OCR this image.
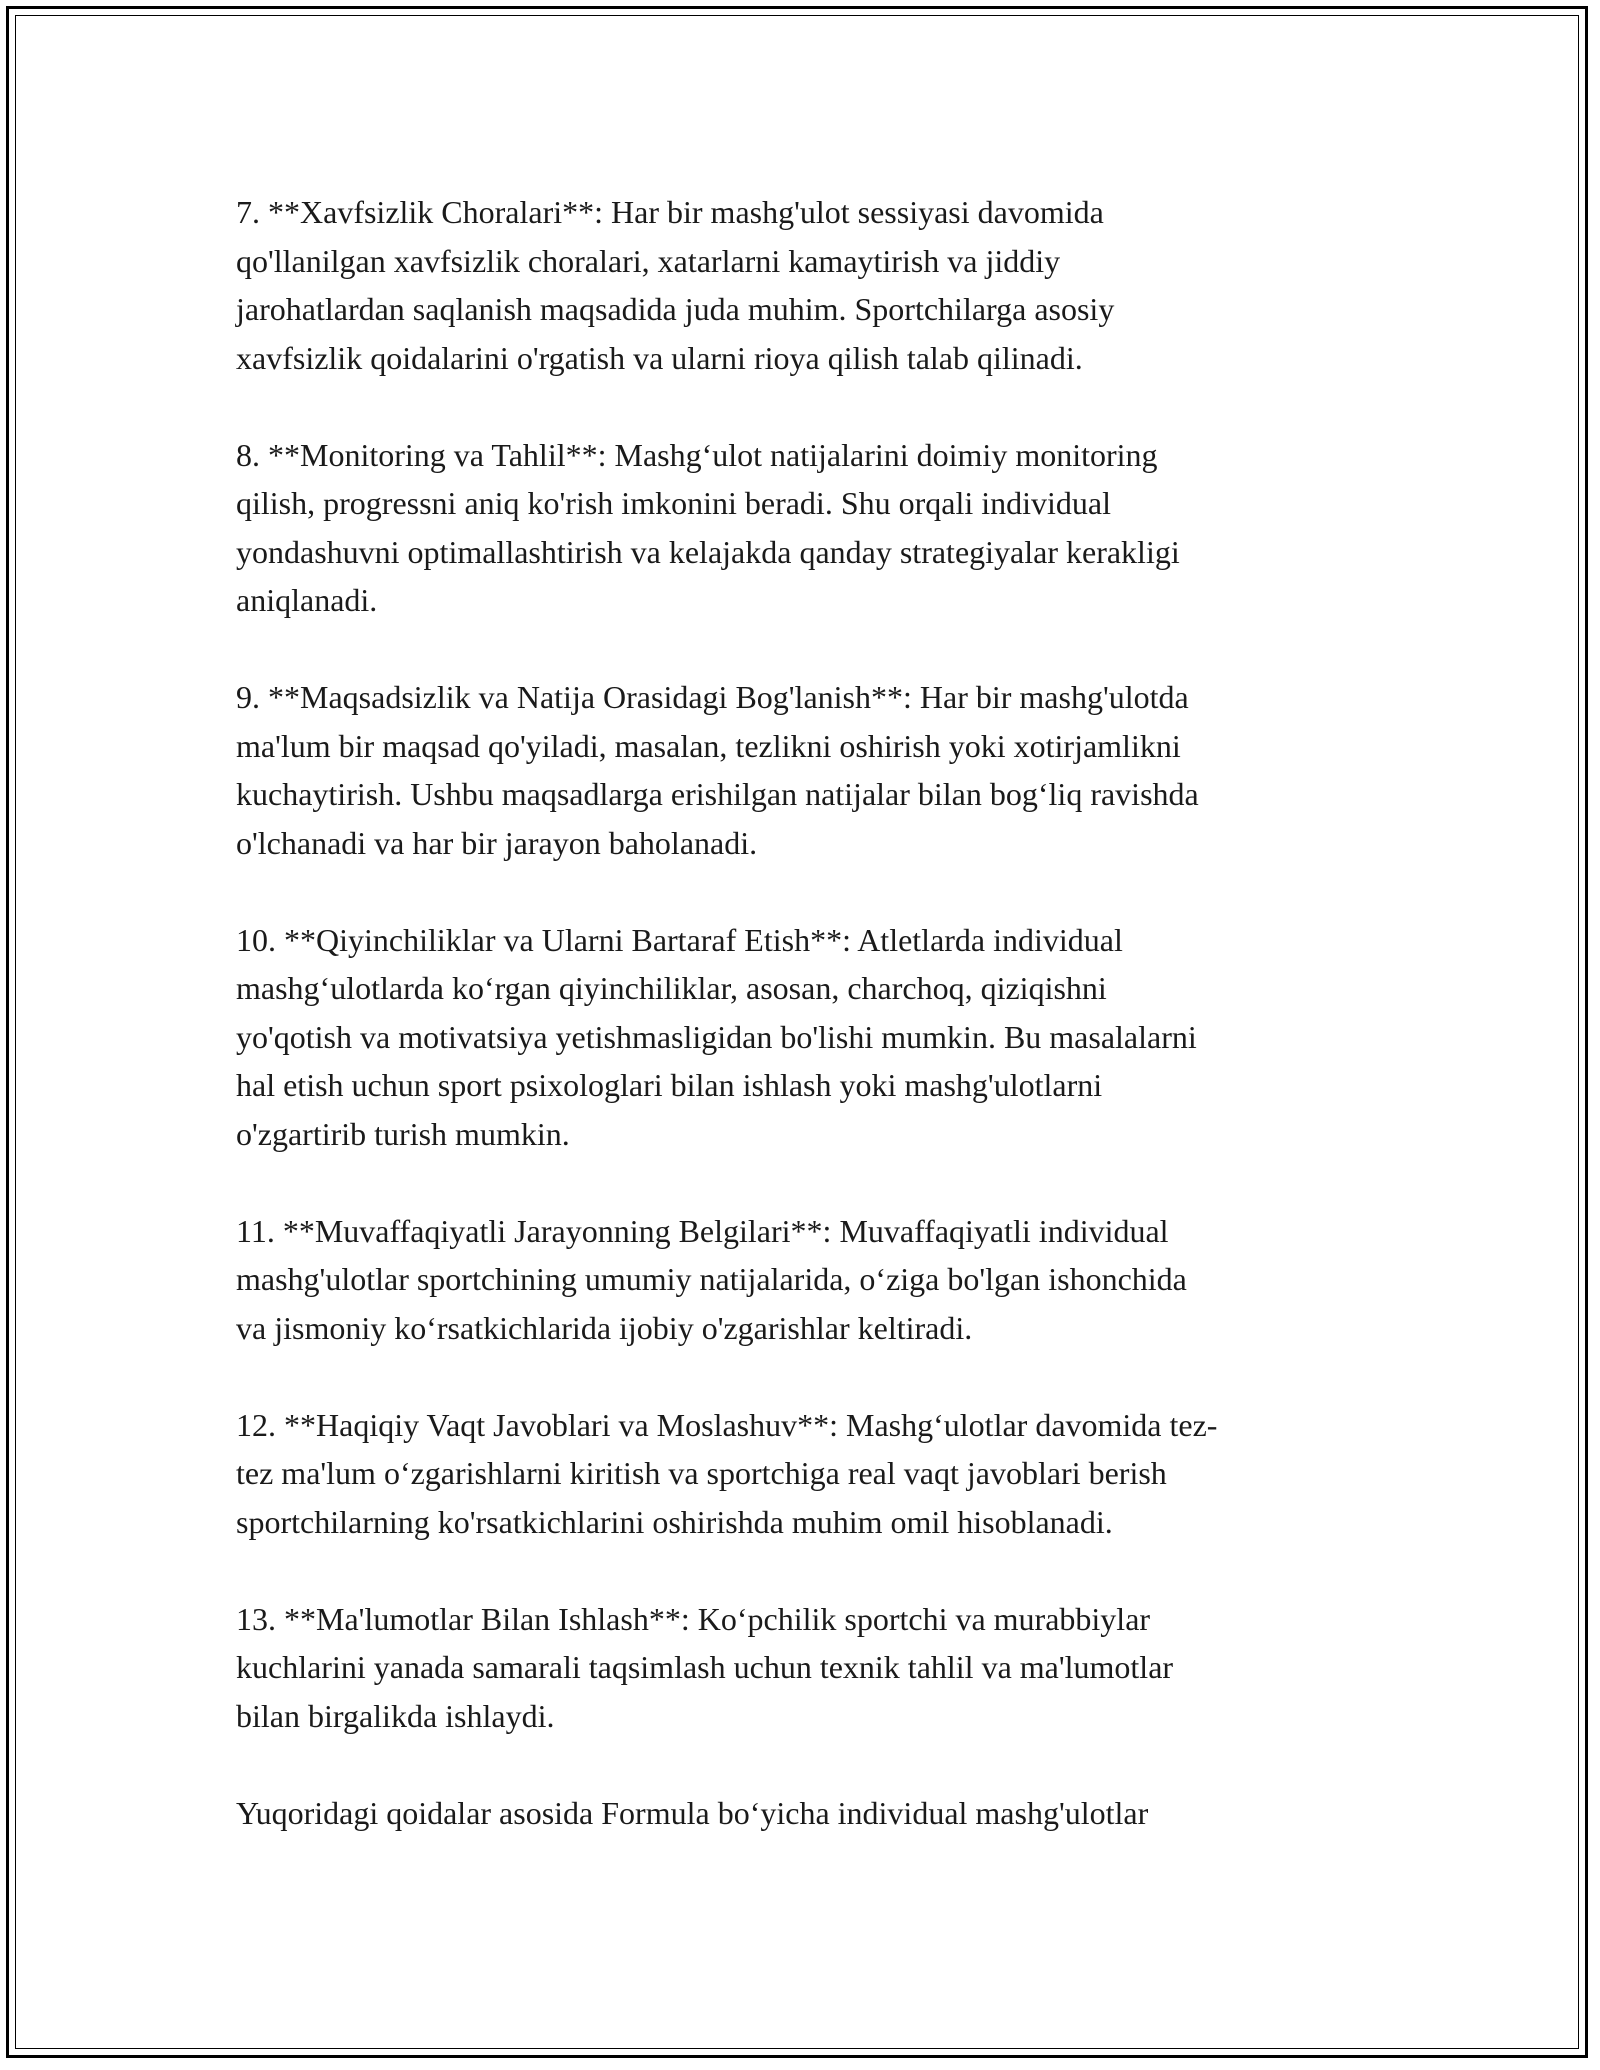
7. **Xavfsizlik Choralari**: Har bir mashg'ulot sessiyasi davomida
qo'llanilgan xavfsizlik choralari, xatarlarni kamaytirish va jiddiy
jarohatlardan saqlanish maqsadida juda muhim. Sportchilarga asosiy
xavfsizlik qoidalarini o'rgatish va ularni rioya qilish talab qilinadi.

8. **Monitoring va Tahlil**: Mashg‘ulot natijalarini doimiy monitoring
qilish, progressni aniq ko'rish imkonini beradi. Shu orqali individual
yondashuvni optimallashtirish va kelajakda qanday strategiyalar kerakligi
aniqlanadi.

9. **Maqsadsizlik va Natija Orasidagi Bog'lanish**: Har bir mashg'ulotda
ma'lum bir maqsad qo'yiladi, masalan, tezlikni oshirish yoki xotirjamlikni
kuchaytirish. Ushbu maqsadlarga erishilgan natijalar bilan bog‘liq ravishda
o'lchanadi va har bir jarayon baholanadi.

10. **Qiyinchiliklar va Ularni Bartaraf Etish**: Atletlarda individual
mashg‘ulotlarda ko‘rgan qiyinchiliklar, asosan, charchoq, qiziqishni
yo'qotish va motivatsiya yetishmasligidan bo'lishi mumkin. Bu masalalarni
hal etish uchun sport psixologlari bilan ishlash yoki mashg'ulotlarni
o'zgartirib turish mumkin.

11. **Muvaffaqiyatli Jarayonning Belgilari**: Muvaffaqiyatli individual
mashg'ulotlar sportchining umumiy natijalarida, o‘ziga bo'lgan ishonchida
va jismoniy ko‘rsatkichlarida ijobiy o'zgarishlar keltiradi.

12. **Haqiqiy Vaqt Javoblari va Moslashuv**: Mashg‘ulotlar davomida tez-
tez ma'lum o‘zgarishlarni kiritish va sportchiga real vaqt javoblari berish
sportchilarning ko'rsatkichlarini oshirishda muhim omil hisoblanadi.

13. **Ma'lumotlar Bilan Ishlash**: Ko‘pchilik sportchi va murabbiylar
kuchlarini yanada samarali taqsimlash uchun texnik tahlil va ma'lumotlar
bilan birgalikda ishlaydi.

Yuqoridagi qoidalar asosida Formula bo‘yicha individual mashg'ulotlar
